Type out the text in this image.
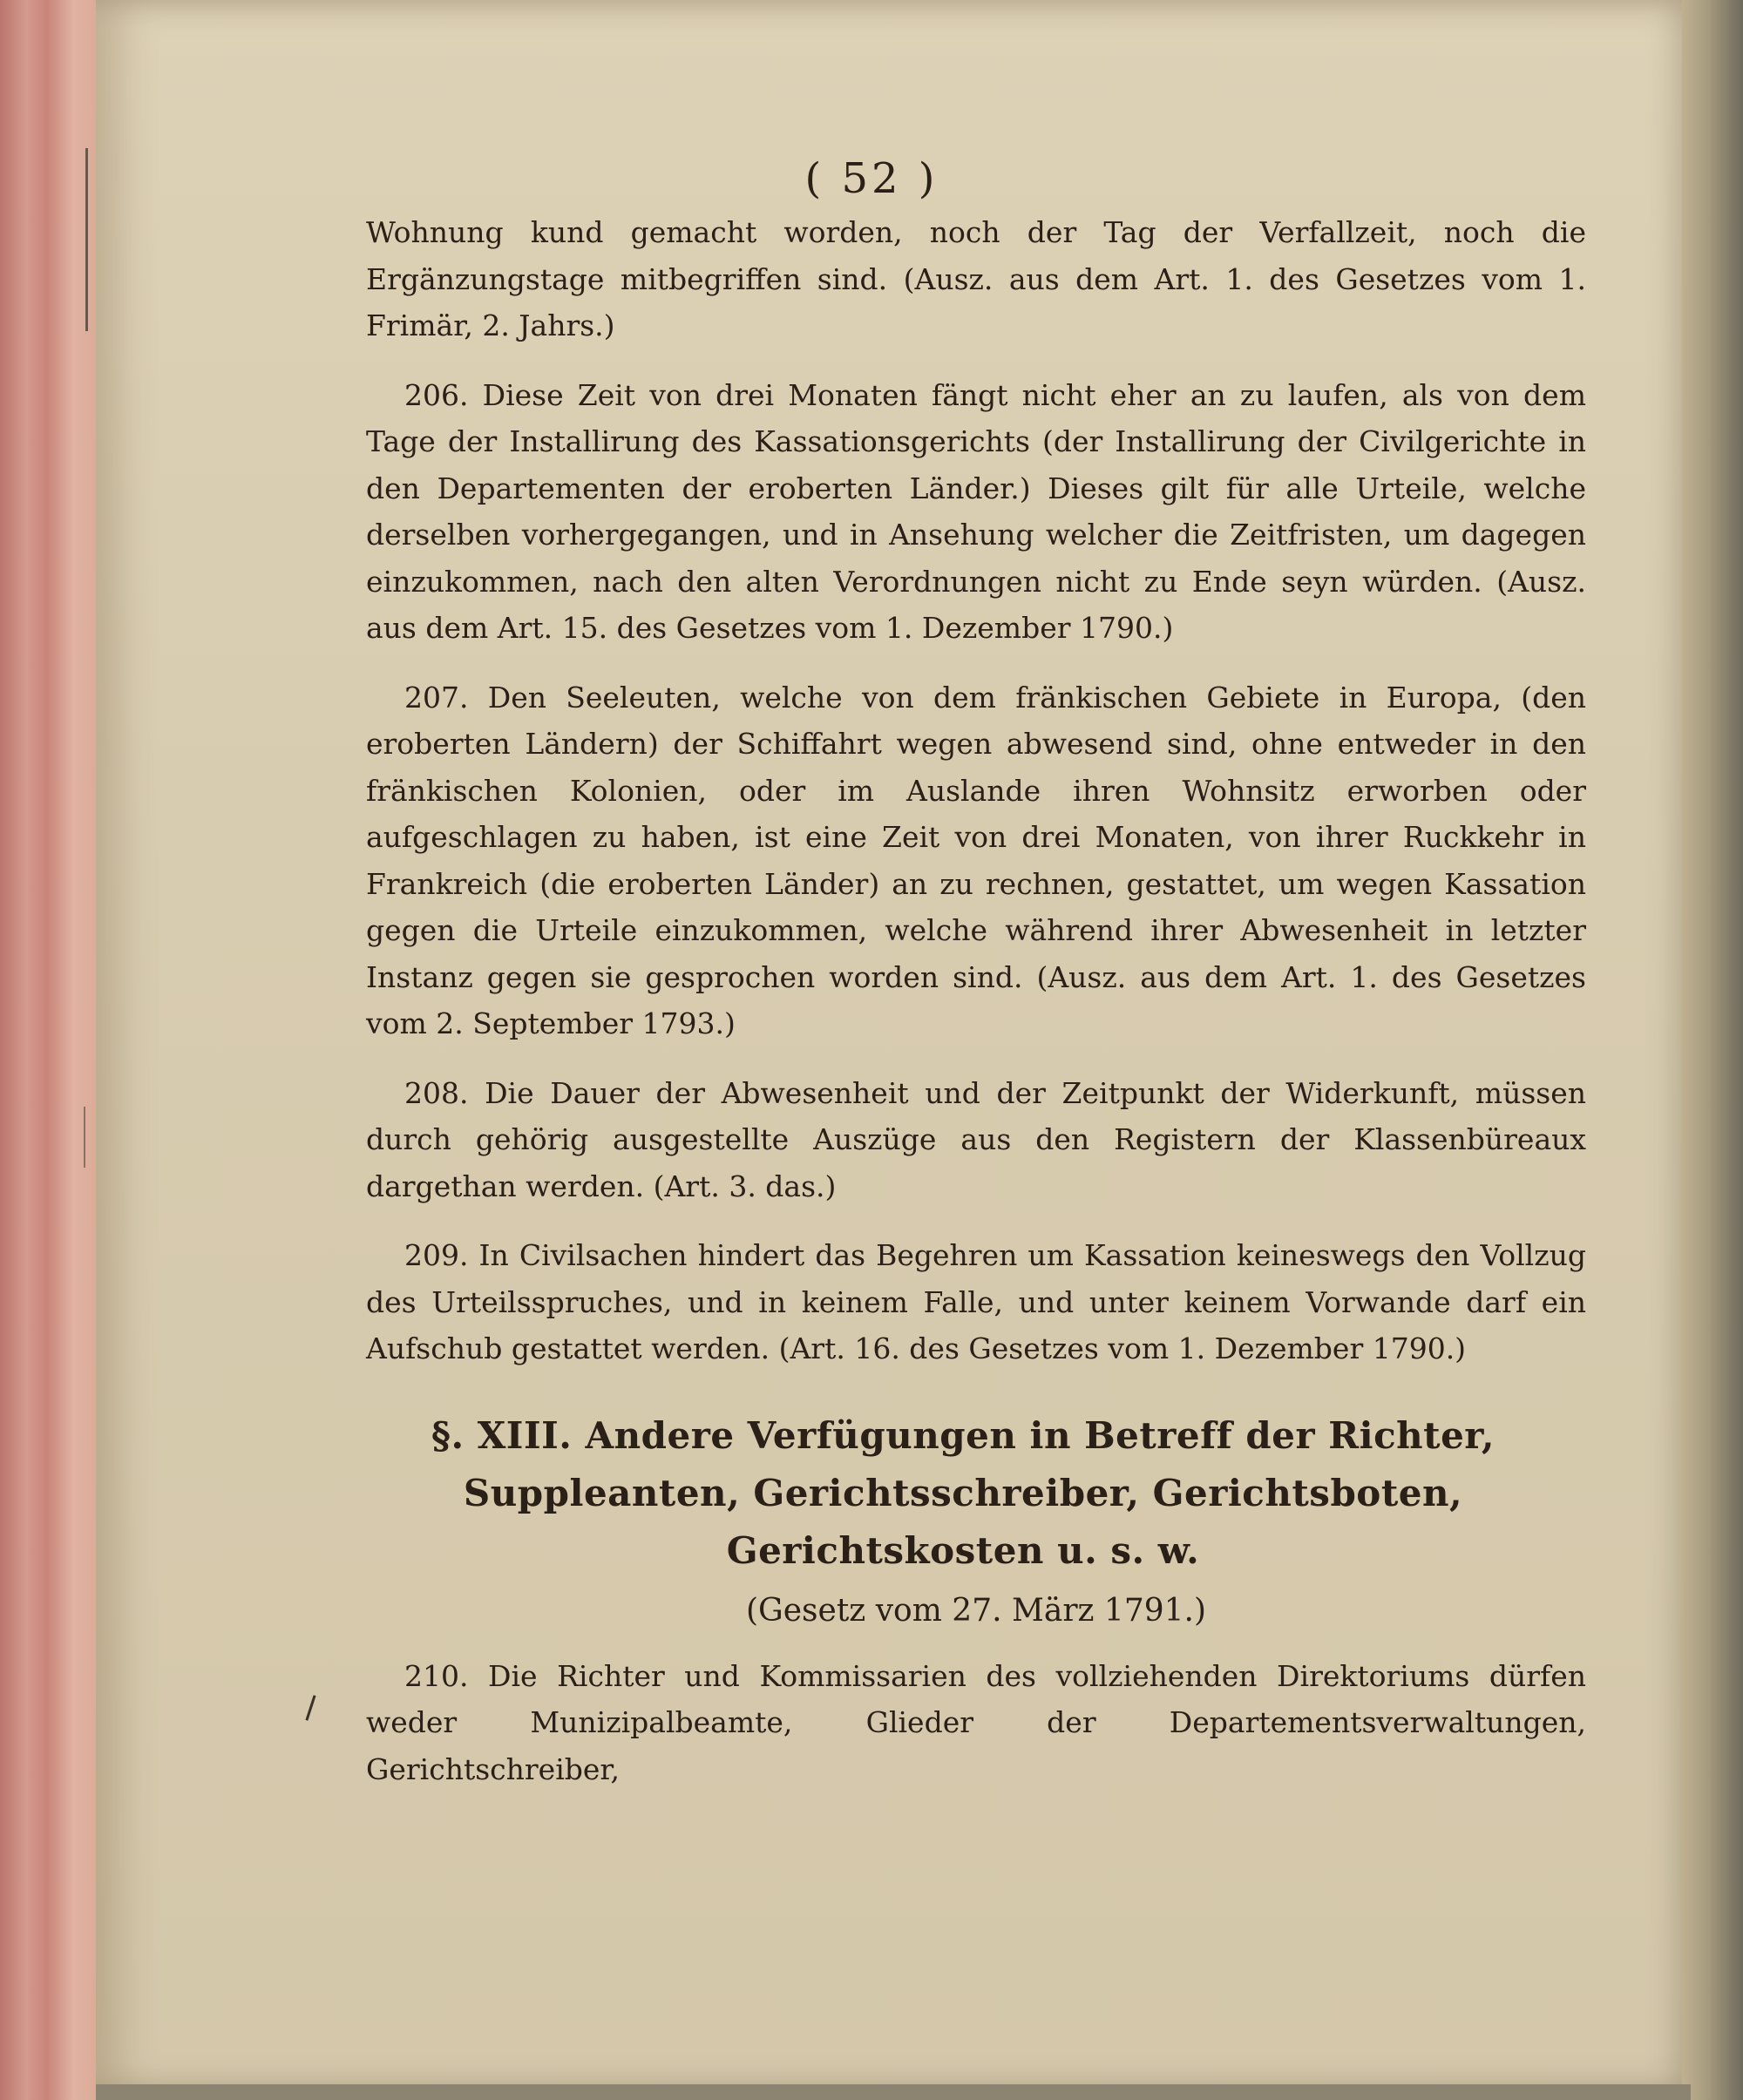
( 52 )

Wohnung kund gemacht worden, noch der Tag der Verfallzeit, noch die Ergänzungstage mitbegriffen sind. (Ausz. aus dem Art. 1. des Gesetzes vom 1. Frimär, 2. Jahrs.)

206. Diese Zeit von drei Monaten fängt nicht eher an zu laufen, als von dem Tage der Installirung des Kassationsgerichts (der Installirung der Civilgerichte in den Departementen der eroberten Länder.) Dieses gilt für alle Urteile, welche derselben vorhergegangen, und in Ansehung welcher die Zeitfristen, um dagegen einzukommen, nach den alten Verordnungen nicht zu Ende seyn würden. (Ausz. aus dem Art. 15. des Gesetzes vom 1. Dezember 1790.)

207. Den Seeleuten, welche von dem fränkischen Gebiete in Europa, (den eroberten Ländern) der Schiffahrt wegen abwesend sind, ohne entweder in den fränkischen Kolonien, oder im Auslande ihren Wohnsitz erworben oder aufgeschlagen zu haben, ist eine Zeit von drei Monaten, von ihrer Ruckkehr in Frankreich (die eroberten Länder) an zu rechnen, gestattet, um wegen Kassation gegen die Urteile einzukommen, welche während ihrer Abwesenheit in letzter Instanz gegen sie gesprochen worden sind. (Ausz. aus dem Art. 1. des Gesetzes vom 2. September 1793.)

208. Die Dauer der Abwesenheit und der Zeitpunkt der Widerkunft, müssen durch gehörig ausgestellte Auszüge aus den Registern der Klassenbüreaux dargethan werden. (Art. 3. das.)

209. In Civilsachen hindert das Begehren um Kassation keineswegs den Vollzug des Urteilsspruches, und in keinem Falle, und unter keinem Vorwande darf ein Aufschub gestattet werden. (Art. 16. des Gesetzes vom 1. Dezember 1790.)

§. XIII. Andere Verfügungen in Betreff der Richter, Suppleanten, Gerichtsschreiber, Gerichtsboten, Gerichtskosten u. s. w.
(Gesetz vom 27. März 1791.)

210. Die Richter und Kommissarien des vollziehenden Direktoriums dürfen weder Munizipalbeamte, Glieder der Departementsverwaltungen, Gerichtschreiber,
